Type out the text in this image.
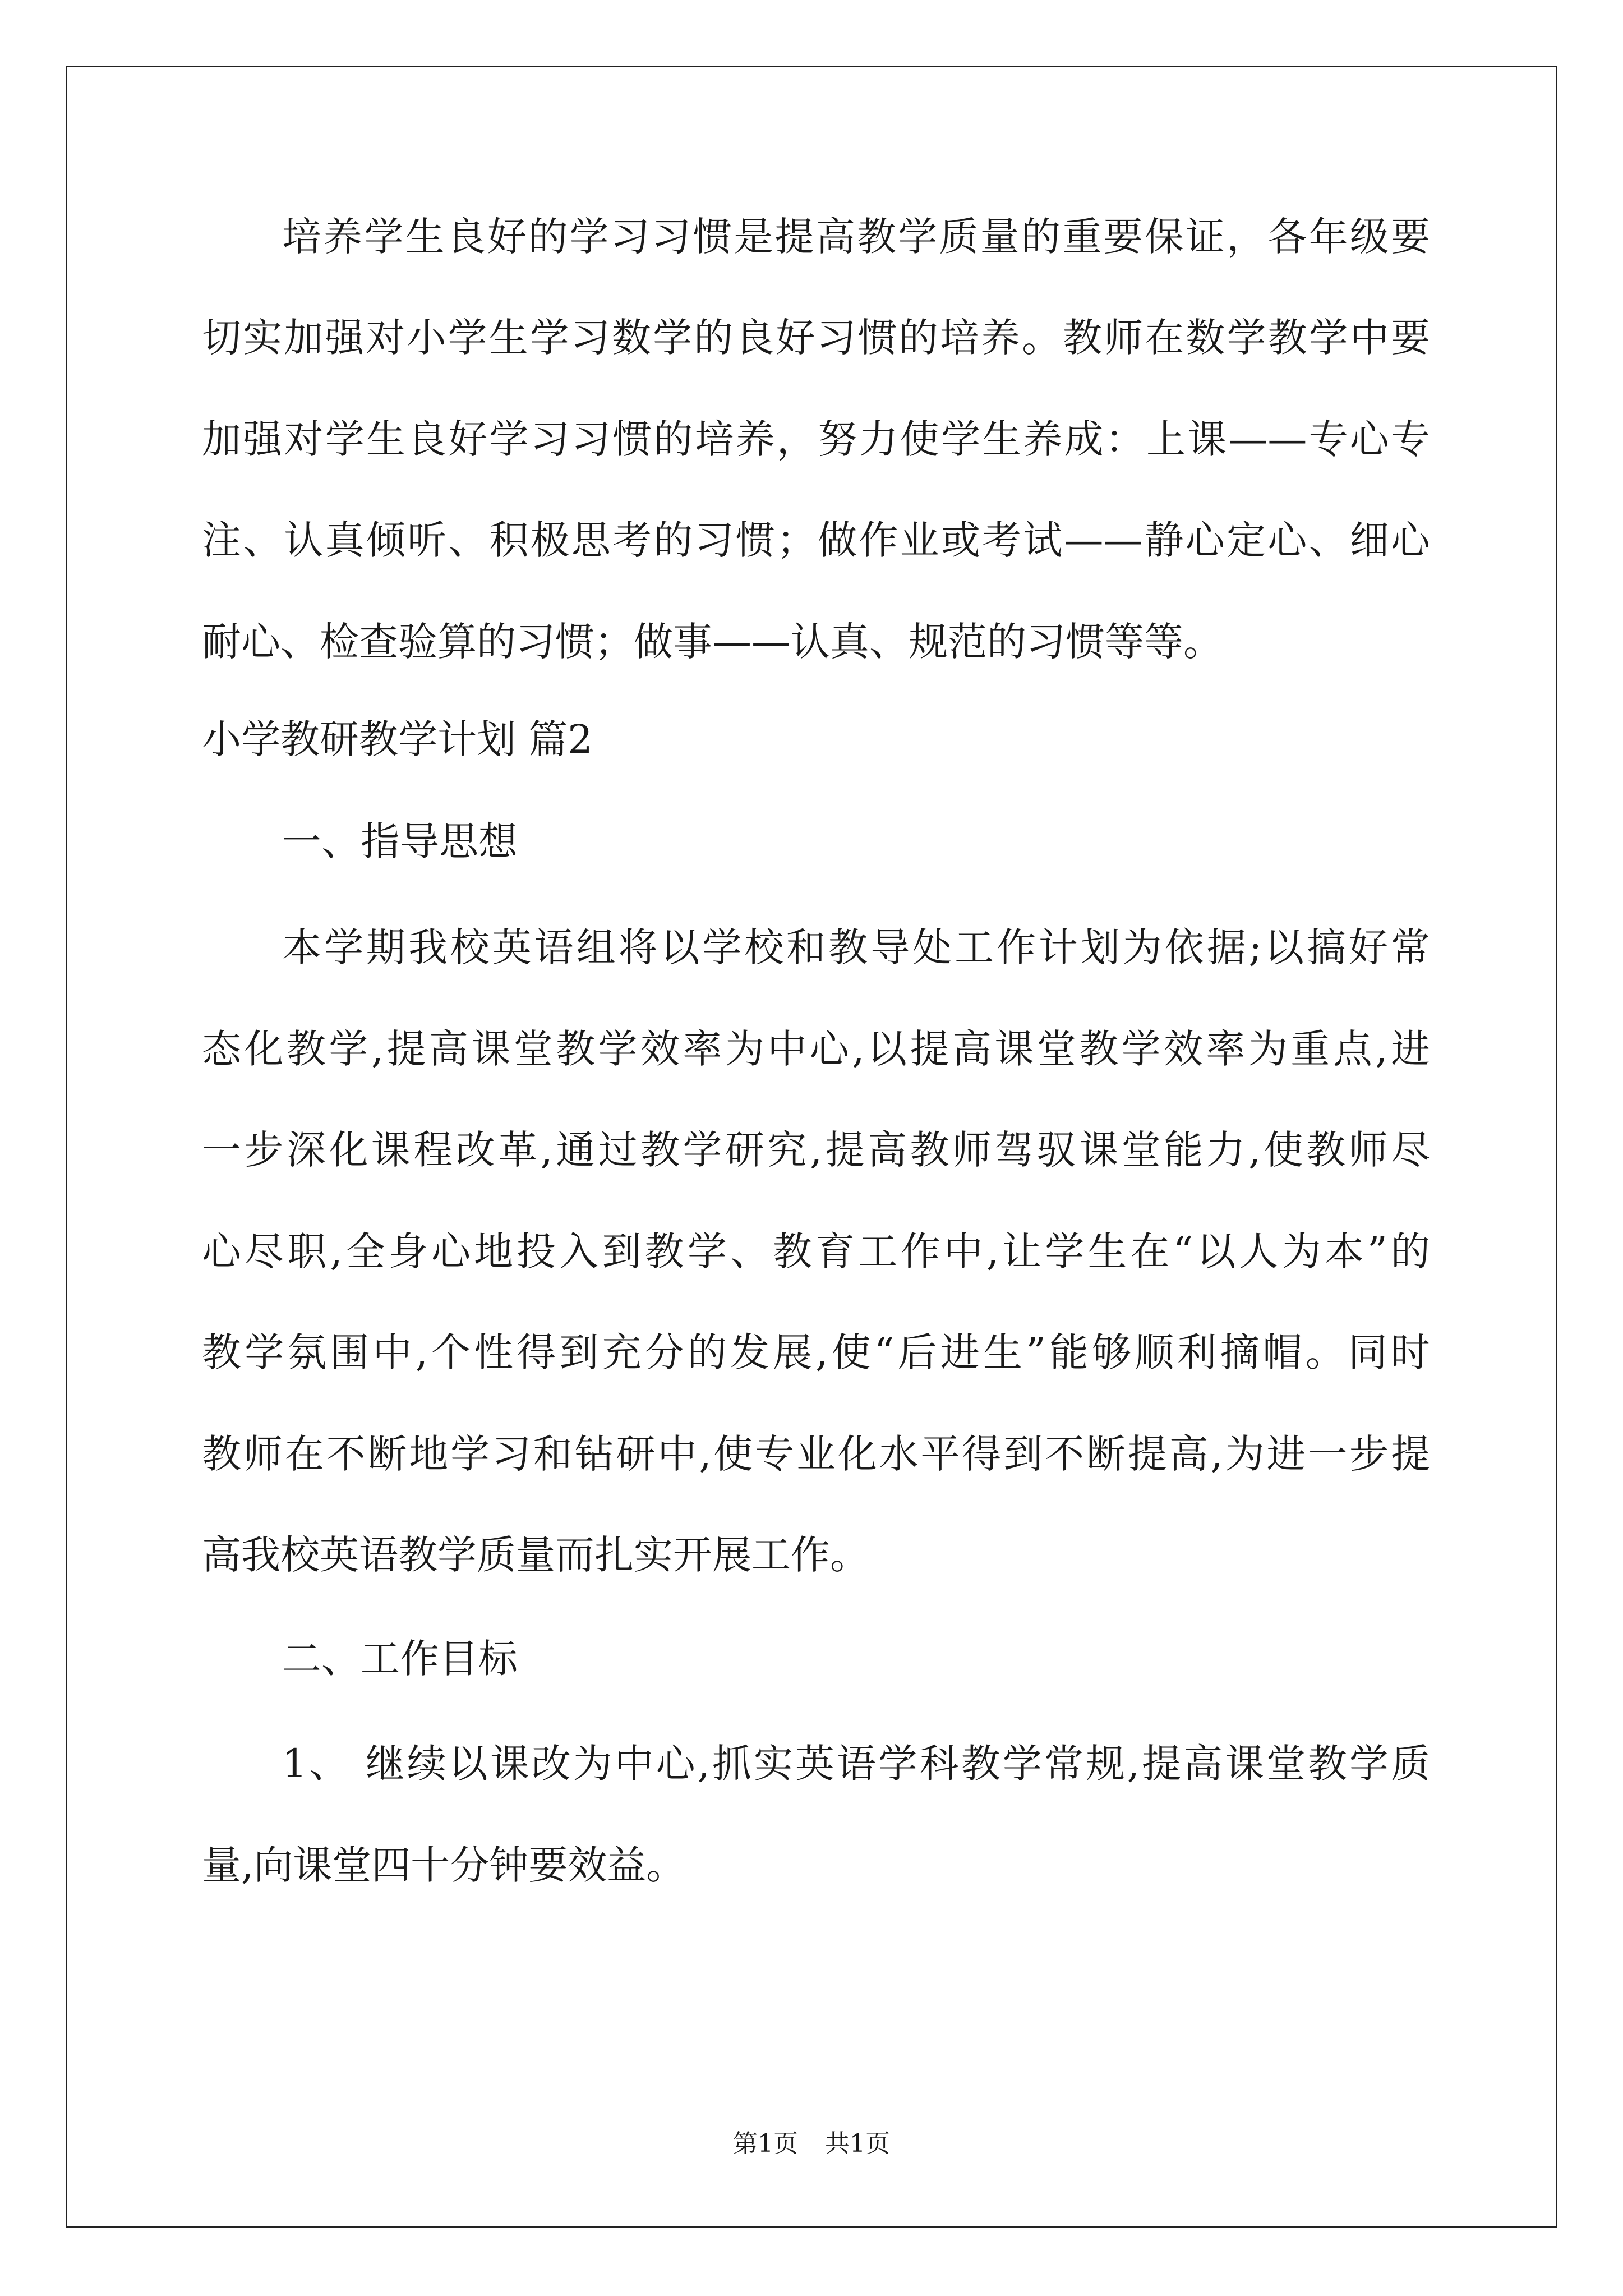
培养学生良好的学习习惯是提高教学质量的重要保证，各年级要
切实加强对小学生学习数学的良好习惯的培养。教师在数学教学中要
加强对学生良好学习习惯的培养，努力使学生养成：上课——专心专
注、认真倾听、积极思考的习惯；做作业或考试——静心定心、细心
耐心、检查验算的习惯；做事——认真、规范的习惯等等。
小学教研教学计划 篇2
一、指导思想
本学期我校英语组将以学校和教导处工作计划为依据;以搞好常
态化教学,提高课堂教学效率为中心,以提高课堂教学效率为重点,进
一步深化课程改革,通过教学研究,提高教师驾驭课堂能力,使教师尽
心尽职,全身心地投入到教学、教育工作中,让学生在“以人为本”的
教学氛围中,个性得到充分的发展,使“后进生”能够顺利摘帽。同时
教师在不断地学习和钻研中,使专业化水平得到不断提高,为进一步提
高我校英语教学质量而扎实开展工作。
二、工作目标
1、 继续以课改为中心,抓实英语学科教学常规,提高课堂教学质
量,向课堂四十分钟要效益。
第1页 共1页
